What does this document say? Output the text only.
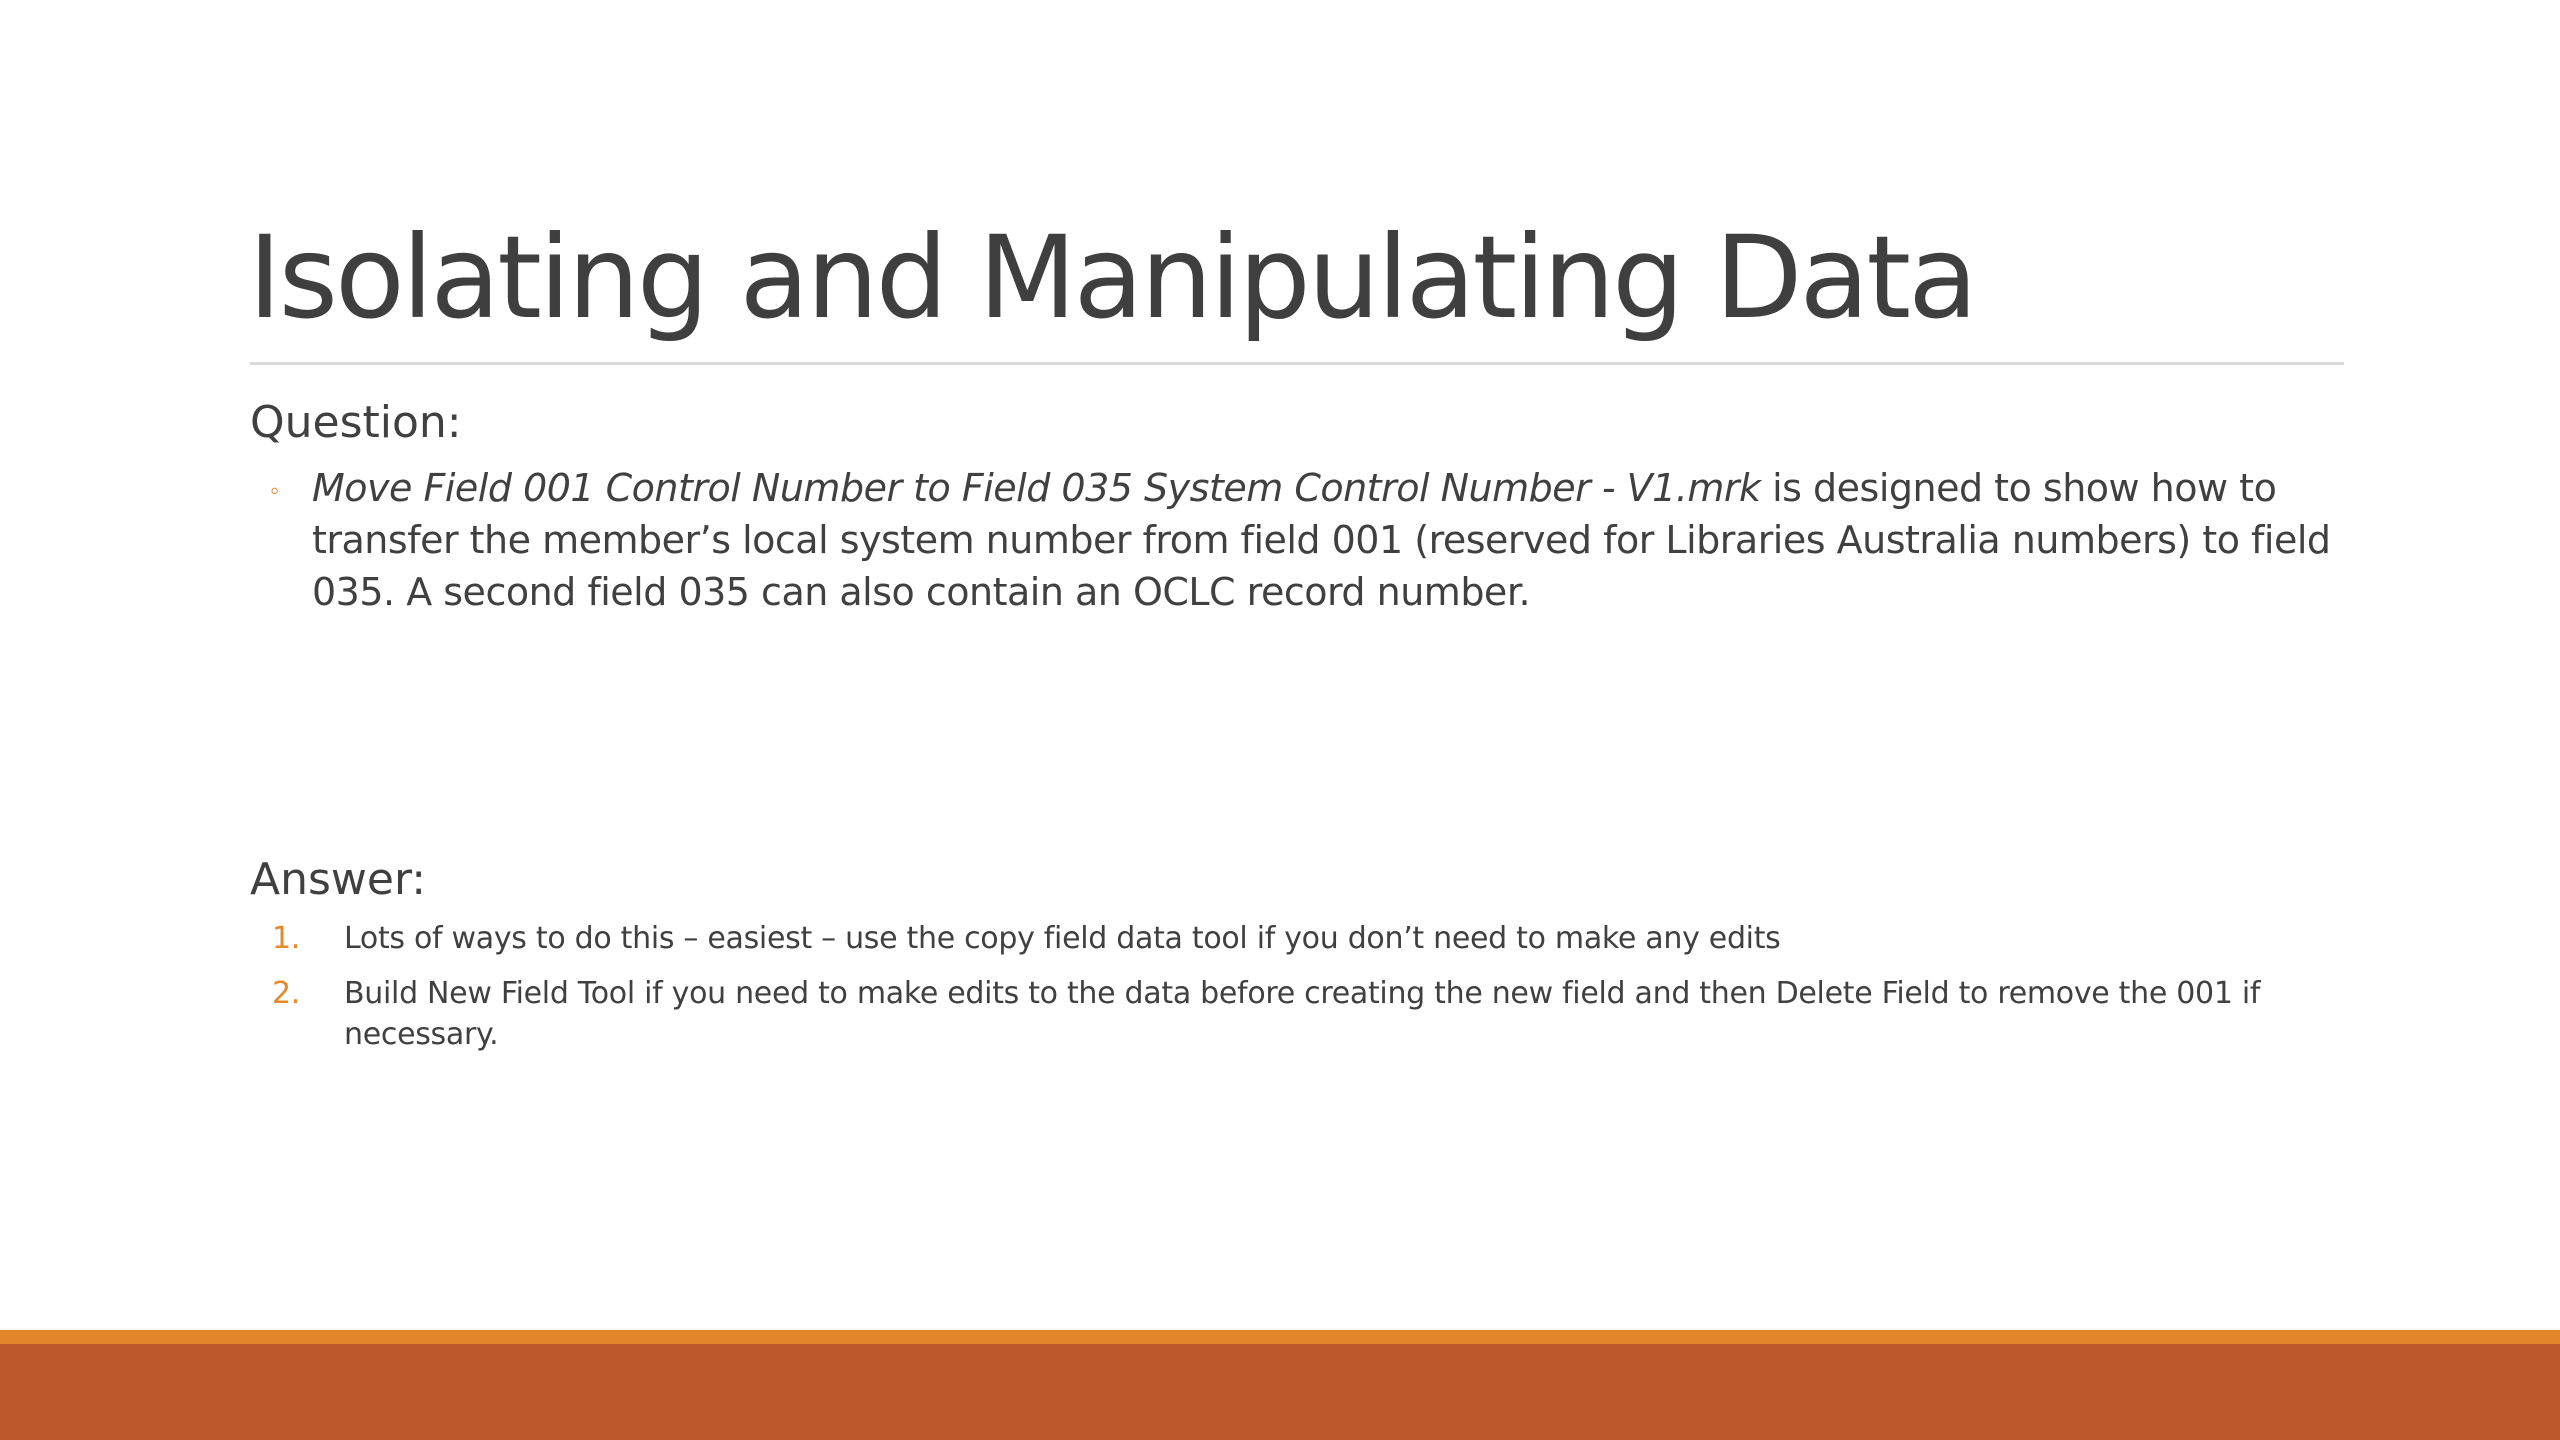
Isolating and Manipulating Data
Question:
◦ Move Field 001 Control Number to Field 035 System Control Number - V1.mrk is designed to show how to transfer the member’s local system number from field 001 (reserved for Libraries Australia numbers) to field 035. A second field 035 can also contain an OCLC record number.
Answer:
1. Lots of ways to do this – easiest – use the copy field data tool if you don’t need to make any edits
2. Build New Field Tool if you need to make edits to the data before creating the new field and then Delete Field to remove the 001 if necessary.
